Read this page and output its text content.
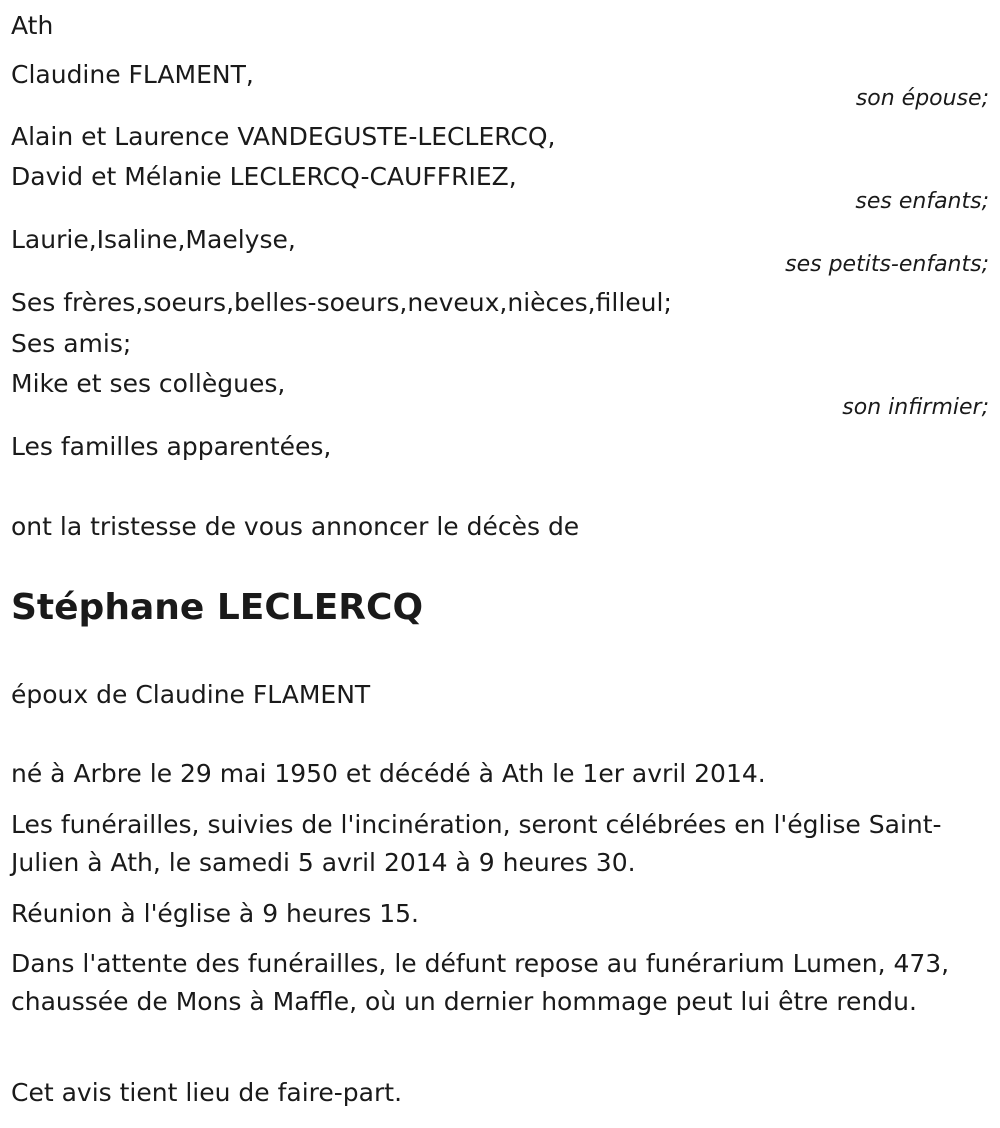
Ath
Claudine FLAMENT,
son épouse;
Alain et Laurence VANDEGUSTE-LECLERCQ,
David et Mélanie LECLERCQ-CAUFFRIEZ,
ses enfants;
Laurie,Isaline,Maelyse,
ses petits-enfants;
Ses frères,soeurs,belles-soeurs,neveux,nièces,filleul;
Ses amis;
Mike et ses collègues,
son infirmier;
Les familles apparentées,
ont la tristesse de vous annoncer le décès de
Stéphane LECLERCQ
époux de Claudine FLAMENT
né à Arbre le 29 mai 1950 et décédé à Ath le 1er avril 2014.
Les funérailles, suivies de l'incinération, seront célébrées en l'église Saint-Julien à Ath, le samedi 5 avril 2014 à 9 heures 30.
Réunion à l'église à 9 heures 15.
Dans l'attente des funérailles, le défunt repose au funérarium Lumen, 473, chaussée de Mons à Maffle, où un dernier hommage peut lui être rendu.
Cet avis tient lieu de faire-part.
